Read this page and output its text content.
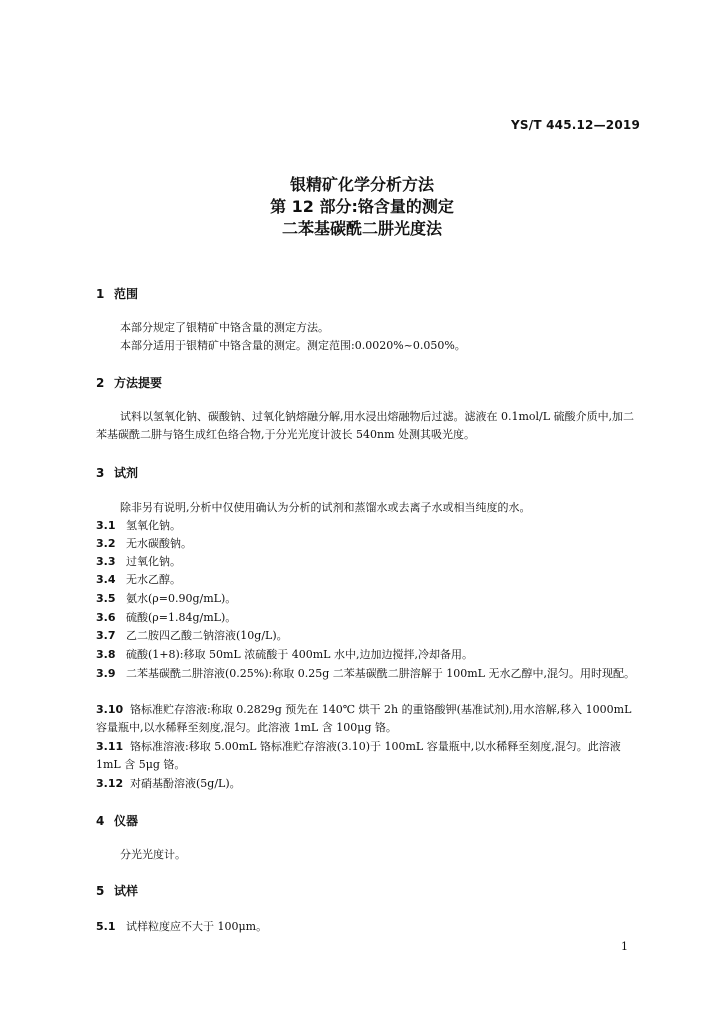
YS/T 445.12—2019
银精矿化学分析方法
第 12 部分:铬含量的测定
二苯基碳酰二肼光度法
1 范围
本部分规定了银精矿中铬含量的测定方法。
本部分适用于银精矿中铬含量的测定。测定范围:0.0020%~0.050%。
2 方法提要
试料以氢氧化钠、碳酸钠、过氧化钠熔融分解,用水浸出熔融物后过滤。滤液在 0.1mol/L 硫酸介质中,加二苯基碳酰二肼与铬生成红色络合物,于分光光度计波长 540nm 处测其吸光度。
3 试剂
除非另有说明,分析中仅使用确认为分析的试剂和蒸馏水或去离子水或相当纯度的水。
3.1 氢氧化钠。
3.2 无水碳酸钠。
3.3 过氧化钠。
3.4 无水乙醇。
3.5 氨水(ρ=0.90g/mL)。
3.6 硫酸(ρ=1.84g/mL)。
3.7 乙二胺四乙酸二钠溶液(10g/L)。
3.8 硫酸(1+8):移取 50mL 浓硫酸于 400mL 水中,边加边搅拌,冷却备用。
3.9 二苯基碳酰二肼溶液(0.25%):称取 0.25g 二苯基碳酰二肼溶解于 100mL 无水乙醇中,混匀。用时现配。
3.10 铬标准贮存溶液:称取 0.2829g 预先在 140℃ 烘干 2h 的重铬酸钾(基准试剂),用水溶解,移入 1000mL 容量瓶中,以水稀释至刻度,混匀。此溶液 1mL 含 100μg 铬。
3.11 铬标准溶液:移取 5.00mL 铬标准贮存溶液(3.10)于 100mL 容量瓶中,以水稀释至刻度,混匀。此溶液 1mL 含 5μg 铬。
3.12 对硝基酚溶液(5g/L)。
4 仪器
分光光度计。
5 试样
5.1 试样粒度应不大于 100μm。
1
